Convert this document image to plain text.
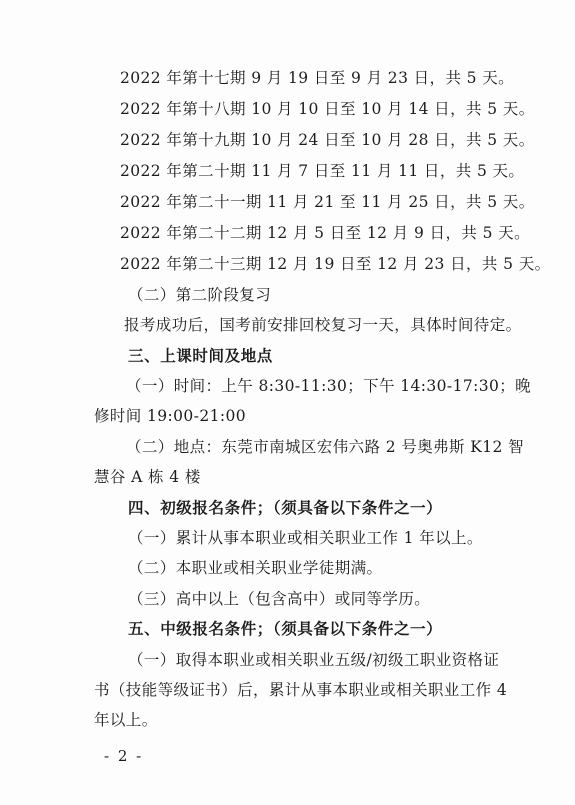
2022 年第十七期 9 月 19 日至 9 月 23 日，共 5 天。
2022 年第十八期 10 月 10 日至 10 月 14 日，共 5 天。
2022 年第十九期 10 月 24 日至 10 月 28 日，共 5 天。
2022 年第二十期 11 月 7 日至 11 月 11 日，共 5 天。
2022 年第二十一期 11 月 21 至 11 月 25 日，共 5 天。
2022 年第二十二期 12 月 5 日至 12 月 9 日，共 5 天。
2022 年第二十三期 12 月 19 日至 12 月 23 日，共 5 天。
（二）第二阶段复习
报考成功后，国考前安排回校复习一天，具体时间待定。
三、上课时间及地点
（一）时间：上午 8:30-11:30；下午 14:30-17:30；晚
修时间 19:00-21:00
（二）地点：东莞市南城区宏伟六路 2 号奥弗斯 K12 智
慧谷 A 栋 4 楼
四、初级报名条件；（须具备以下条件之一）
（一）累计从事本职业或相关职业工作 1 年以上。
（二）本职业或相关职业学徒期满。
（三）高中以上（包含高中）或同等学历。
五、中级报名条件；（须具备以下条件之一）
（一）取得本职业或相关职业五级/初级工职业资格证
书（技能等级证书）后，累计从事本职业或相关职业工作 4
年以上。
- 2 -
